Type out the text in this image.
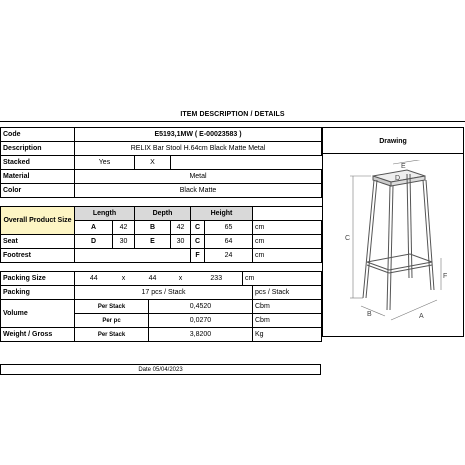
ITEM DESCRIPTION / DETAILS
Code	E5193,1MW ( E-00023583 )								
Description	RELIX Bar Stool H.64cm Black Matte Metal								
Stacked	Yes		X						
Material	Metal								
Color	Black Matte								

Overall Product Size	Length		Depth			Height			
	A	42	B		42	C	65		cm
Seat	D	30	E		30	C	64		cm
Footrest						F	24		cm

Packing Size	44	x	44		x	233		cm	
Packing	17 pcs / Stack								pcs / Stack
Volume	Per Stack			0,4520					Cbm
	Per pc			0,0270					Cbm
Weight / Gross	Per Stack			3,8200					Kg
Date 05/04/2023
Drawing
C
E
D
B	A
F
